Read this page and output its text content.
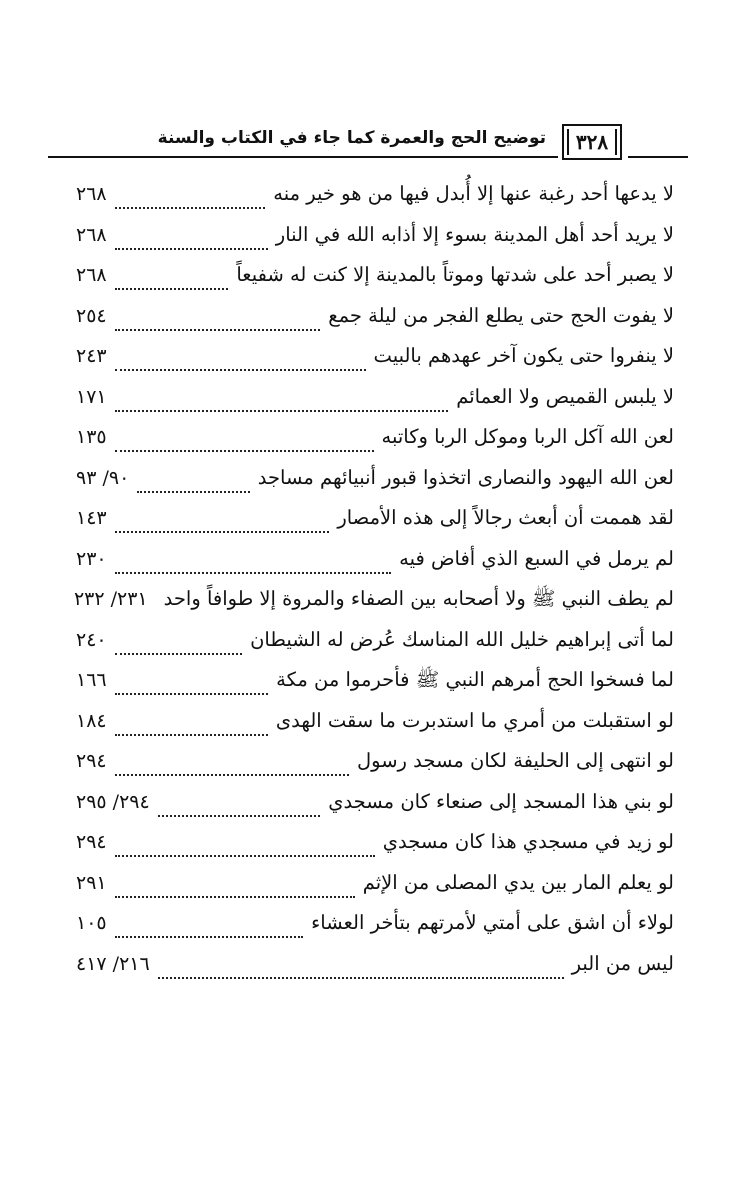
٣٢٨
توضيح الحج والعمرة كما جاء في الكتاب والسنة
لا يدعها أحد رغبة عنها إلا أُبدل فيها من هو خير منه
٢٦٨
لا يريد أحد أهل المدينة بسوء إلا أذابه الله في النار
٢٦٨
لا يصبر أحد على شدتها وموتاً بالمدينة إلا كنت له شفيعاً
٢٦٨
لا يفوت الحج حتى يطلع الفجر من ليلة جمع
٢٥٤
لا ينفروا حتى يكون آخر عهدهم بالبيت
٢٤٣
لا يلبس القميص ولا العمائم
١٧١
لعن الله آكل الربا وموكل الربا وكاتبه
١٣٥
لعن الله اليهود والنصارى اتخذوا قبور أنبيائهم مساجد
٩٠/ ٩٣
لقد هممت أن أبعث رجالاً إلى هذه الأمصار
١٤٣
لم يرمل في السبع الذي أفاض فيه
٢٣٠
لم يطف النبي ﷺ ولا أصحابه بين الصفاء والمروة إلا طوافاً واحد
٢٣١/ ٢٣٢
لما أتى إبراهيم خليل الله المناسك عُرض له الشيطان
٢٤٠
لما فسخوا الحج أمرهم النبي ﷺ فأحرموا من مكة
١٦٦
لو استقبلت من أمري ما استدبرت ما سقت الهدى
١٨٤
لو انتهى إلى الحليفة لكان مسجد رسول
٢٩٤
لو بني هذا المسجد إلى صنعاء كان مسجدي
٢٩٤/ ٢٩٥
لو زيد في مسجدي هذا كان مسجدي
٢٩٤
لو يعلم المار بين يدي المصلى من الإثم
٢٩١
لولاء أن اشق على أمتي لأمرتهم بتأخر العشاء
١٠٥
ليس من البر
٢١٦/ ٤١٧
